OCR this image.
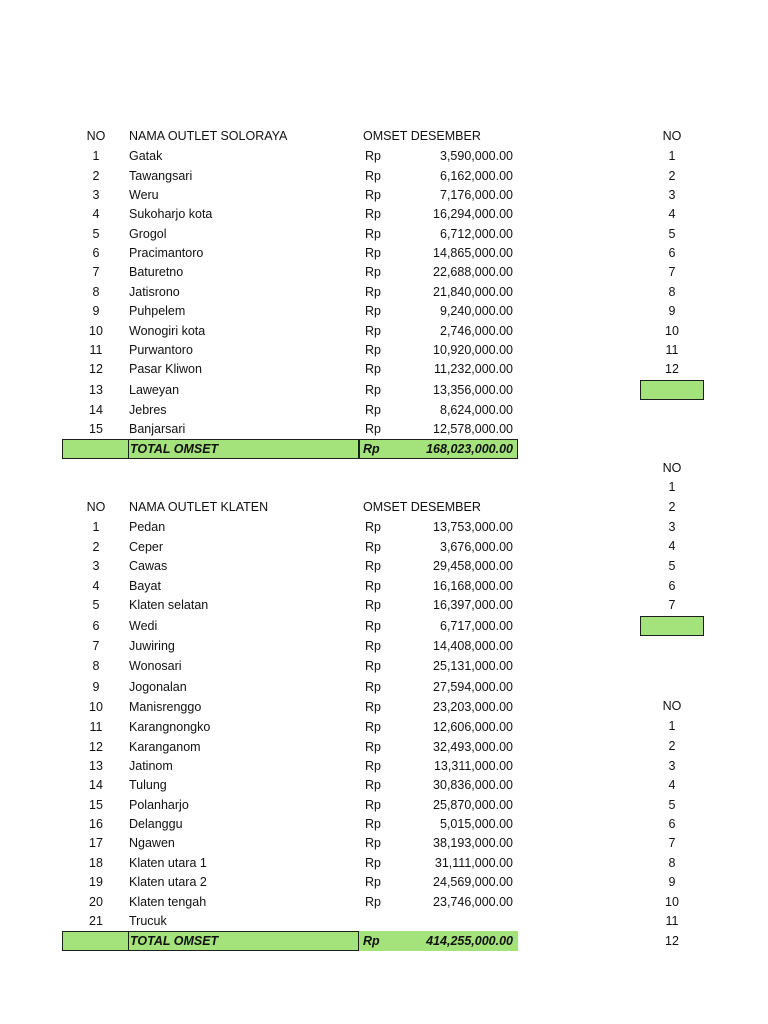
NO	NAMA OUTLET SOLORAYA	OMSET DESEMBER
1	Gatak	Rp	3,590,000.00
2	Tawangsari	Rp	6,162,000.00
3	Weru	Rp	7,176,000.00
4	Sukoharjo kota	Rp	16,294,000.00
5	Grogol	Rp	6,712,000.00
6	Pracimantoro	Rp	14,865,000.00
7	Baturetno	Rp	22,688,000.00
8	Jatisrono	Rp	21,840,000.00
9	Puhpelem	Rp	9,240,000.00
10	Wonogiri kota	Rp	2,746,000.00
11	Purwantoro	Rp	10,920,000.00
12	Pasar Kliwon	Rp	11,232,000.00
13	Laweyan	Rp	13,356,000.00
14	Jebres	Rp	8,624,000.00
15	Banjarsari	Rp	12,578,000.00
TOTAL OMSET	Rp	168,023,000.00
NO	NAMA OUTLET KLATEN	OMSET DESEMBER
1	Pedan	Rp	13,753,000.00
2	Ceper	Rp	3,676,000.00
3	Cawas	Rp	29,458,000.00
4	Bayat	Rp	16,168,000.00
5	Klaten selatan	Rp	16,397,000.00
6	Wedi	Rp	6,717,000.00
7	Juwiring	Rp	14,408,000.00
8	Wonosari	Rp	25,131,000.00
9	Jogonalan	Rp	27,594,000.00
10	Manisrenggo	Rp	23,203,000.00
11	Karangnongko	Rp	12,606,000.00
12	Karanganom	Rp	32,493,000.00
13	Jatinom	Rp	13,311,000.00
14	Tulung	Rp	30,836,000.00
15	Polanharjo	Rp	25,870,000.00
16	Delanggu	Rp	5,015,000.00
17	Ngawen	Rp	38,193,000.00
18	Klaten utara 1	Rp	31,111,000.00
19	Klaten utara 2	Rp	24,569,000.00
20	Klaten tengah	Rp	23,746,000.00
21	Trucuk
TOTAL OMSET	Rp	414,255,000.00
NO
1
2
3
4
5
6
7
8
9
10
11
12
NO
1
2
3
4
5
6
7
NO
1
2
3
4
5
6
7
8
9
10
11
12
